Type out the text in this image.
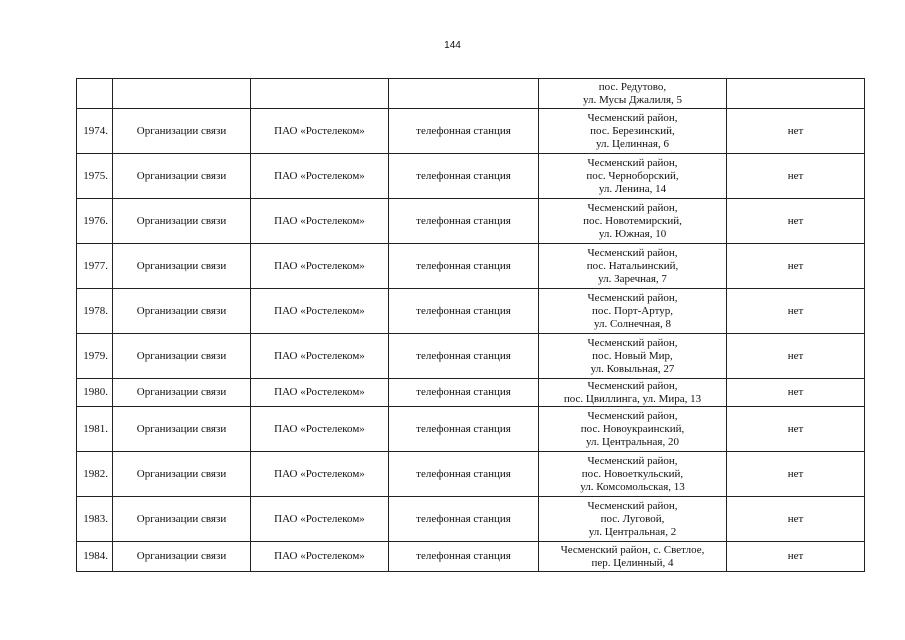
144

				пос. Редутово,
ул. Мусы Джалиля, 5	

1974.	Организации связи	ПАО «Ростелеком»	телефонная станция	Чесменский район,
пос. Березинский,
ул. Целинная, 6	нет
1975.	Организации связи	ПАО «Ростелеком»	телефонная станция	Чесменский район,
пос. Черноборский,
ул. Ленина, 14	нет
1976.	Организации связи	ПАО «Ростелеком»	телефонная станция	Чесменский район,
пос. Новотемирский,
ул. Южная, 10	нет
1977.	Организации связи	ПАО «Ростелеком»	телефонная станция	Чесменский район,
пос. Натальинский,
ул. Заречная, 7	нет
1978.	Организации связи	ПАО «Ростелеком»	телефонная станция	Чесменский район,
пос. Порт-Артур,
ул. Солнечная, 8	нет
1979.	Организации связи	ПАО «Ростелеком»	телефонная станция	Чесменский район,
пос. Новый Мир,
ул. Ковыльная, 27	нет
1980.	Организации связи	ПАО «Ростелеком»	телефонная станция	Чесменский район,
пос. Цвиллинга, ул. Мира, 13	нет
1981.	Организации связи	ПАО «Ростелеком»	телефонная станция	Чесменский район,
пос. Новоукраинский,
ул. Центральная, 20	нет
1982.	Организации связи	ПАО «Ростелеком»	телефонная станция	Чесменский район,
пос. Новоеткульский,
ул. Комсомольская, 13	нет
1983.	Организации связи	ПАО «Ростелеком»	телефонная станция	Чесменский район,
пос. Луговой,
ул. Центральная, 2	нет
1984.	Организации связи	ПАО «Ростелеком»	телефонная станция	Чесменский район, с. Светлое,
пер. Целинный, 4	нет
